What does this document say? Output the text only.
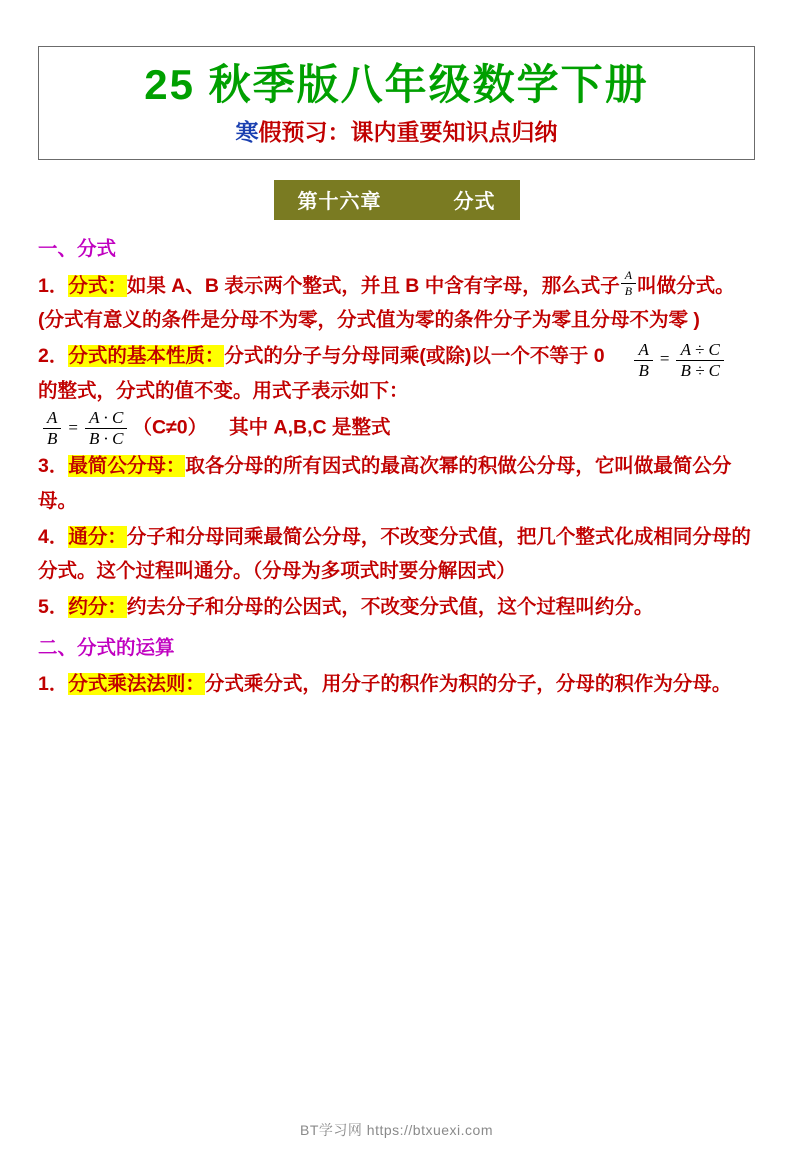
25 秋季版八年级数学下册
寒假预习：课内重要知识点归纳
第十六章	分式
一、分式
1．分式：如果 A、B 表示两个整式，并且 B 中含有字母，那么式子 $\frac{A}{B}$ 叫做分式。 (分式有意义的条件是分母不为零，分式值为零的条件分子为零且分母不为零 )
$\frac{A}{B} = \frac{A \div C}{B \div C}$
2．分式的基本性质：分式的分子与分母同乘(或除)以一个不等于 0 的整式，分式的值不变。用式子表示如下：
$\frac{A}{B} = \frac{A \cdot C}{B \cdot C} (C\ne 0)$ 其中 A,B,C 是整式
3．最简公分母：取各分母的所有因式的最高次幂的积做公分母，它叫做最简公分母。
4．通分：分子和分母同乘最简公分母，不改变分式值，把几个整式化成相同分母的分式。这个过程叫通分。（分母为多项式时要分解因式）
5．约分：约去分子和分母的公因式，不改变分式值，这个过程叫约分。
二、分式的运算
1．分式乘法法则：分式乘分式，用分子的积作为积的分子，分母的积作为分母。
BT学习网 https://btxuexi.com
